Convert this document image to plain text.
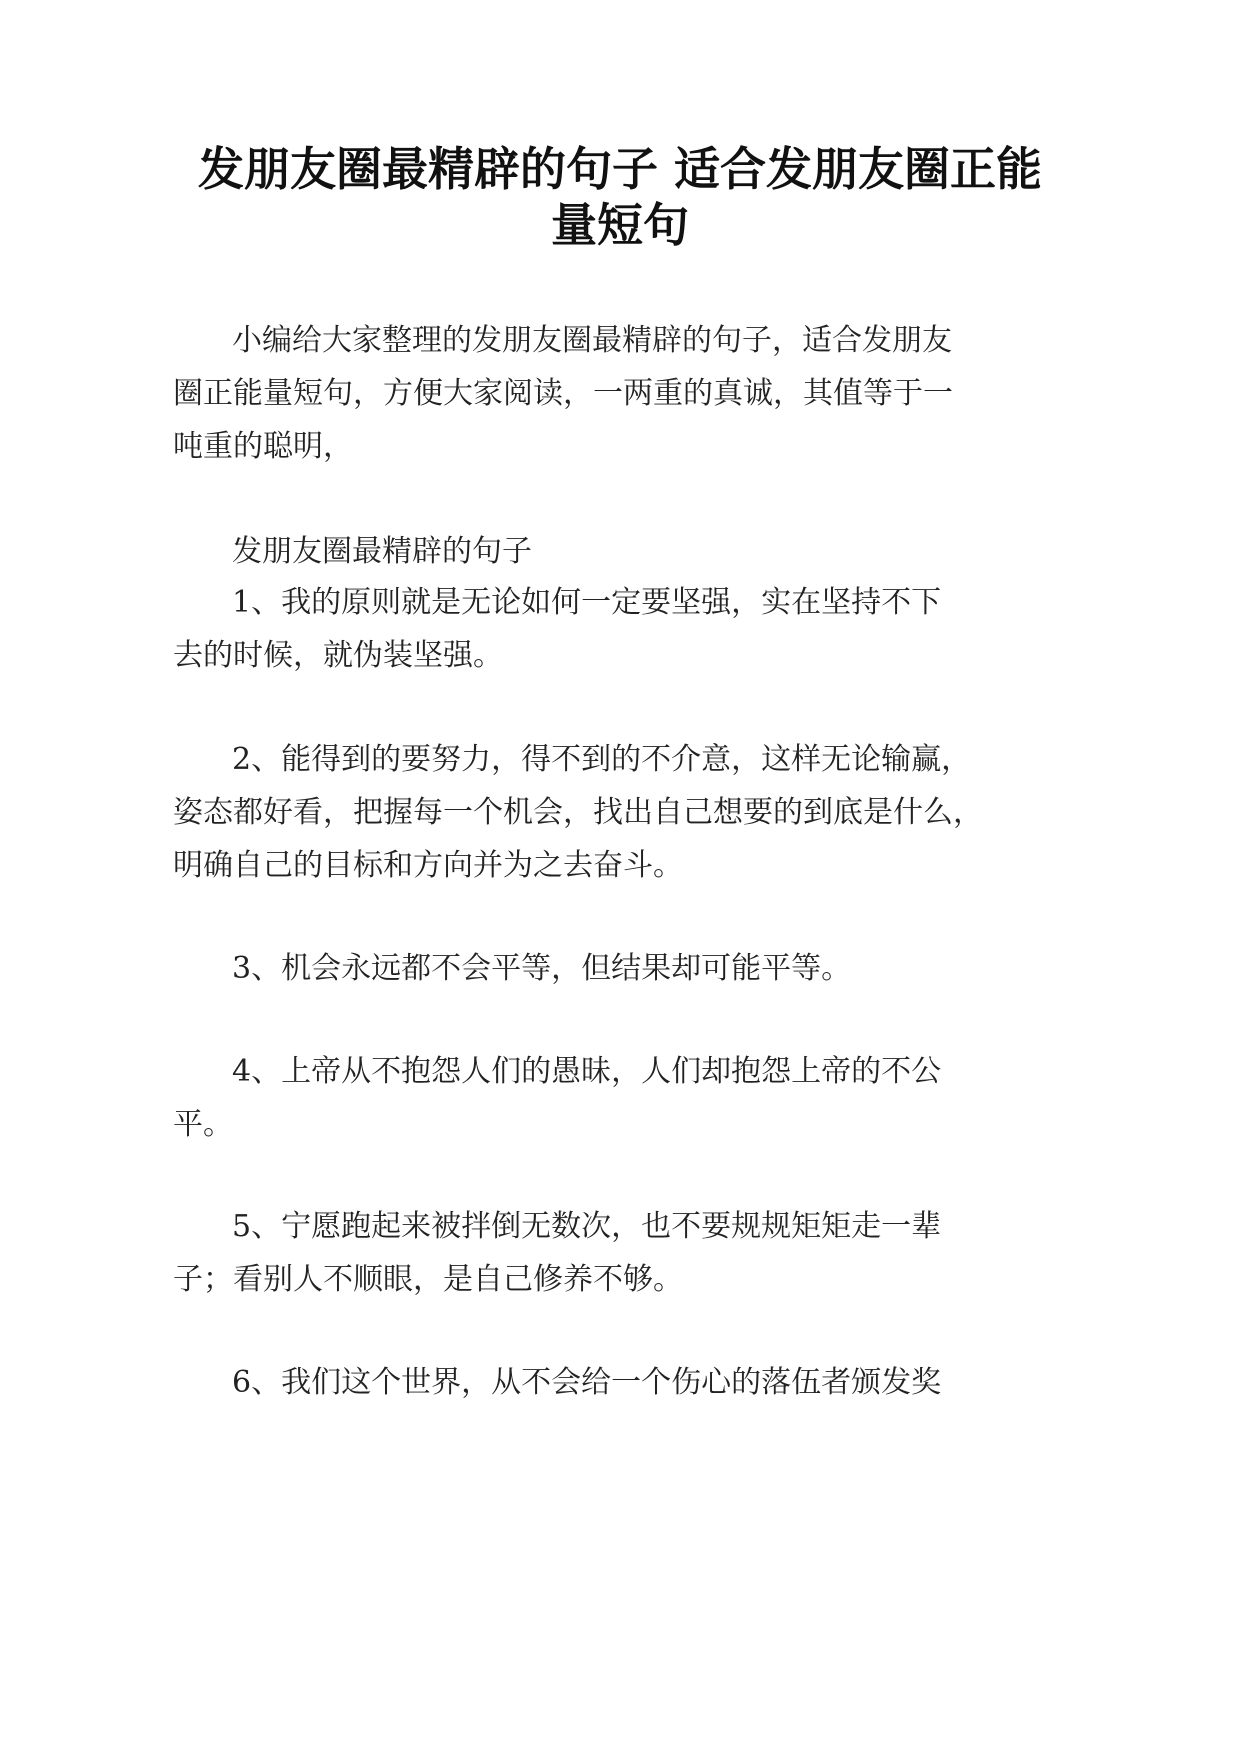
发朋友圈最精辟的句子 适合发朋友圈正能
量短句
小编给大家整理的发朋友圈最精辟的句子，适合发朋友
圈正能量短句，方便大家阅读，一两重的真诚，其值等于一
吨重的聪明，
发朋友圈最精辟的句子
1、我的原则就是无论如何一定要坚强，实在坚持不下
去的时候，就伪装坚强。
2、能得到的要努力，得不到的不介意，这样无论输赢，
姿态都好看，把握每一个机会，找出自己想要的到底是什么，
明确自己的目标和方向并为之去奋斗。
3、机会永远都不会平等，但结果却可能平等。
4、上帝从不抱怨人们的愚昧，人们却抱怨上帝的不公
平。
5、宁愿跑起来被拌倒无数次，也不要规规矩矩走一辈
子；看别人不顺眼，是自己修养不够。
6、我们这个世界，从不会给一个伤心的落伍者颁发奖
